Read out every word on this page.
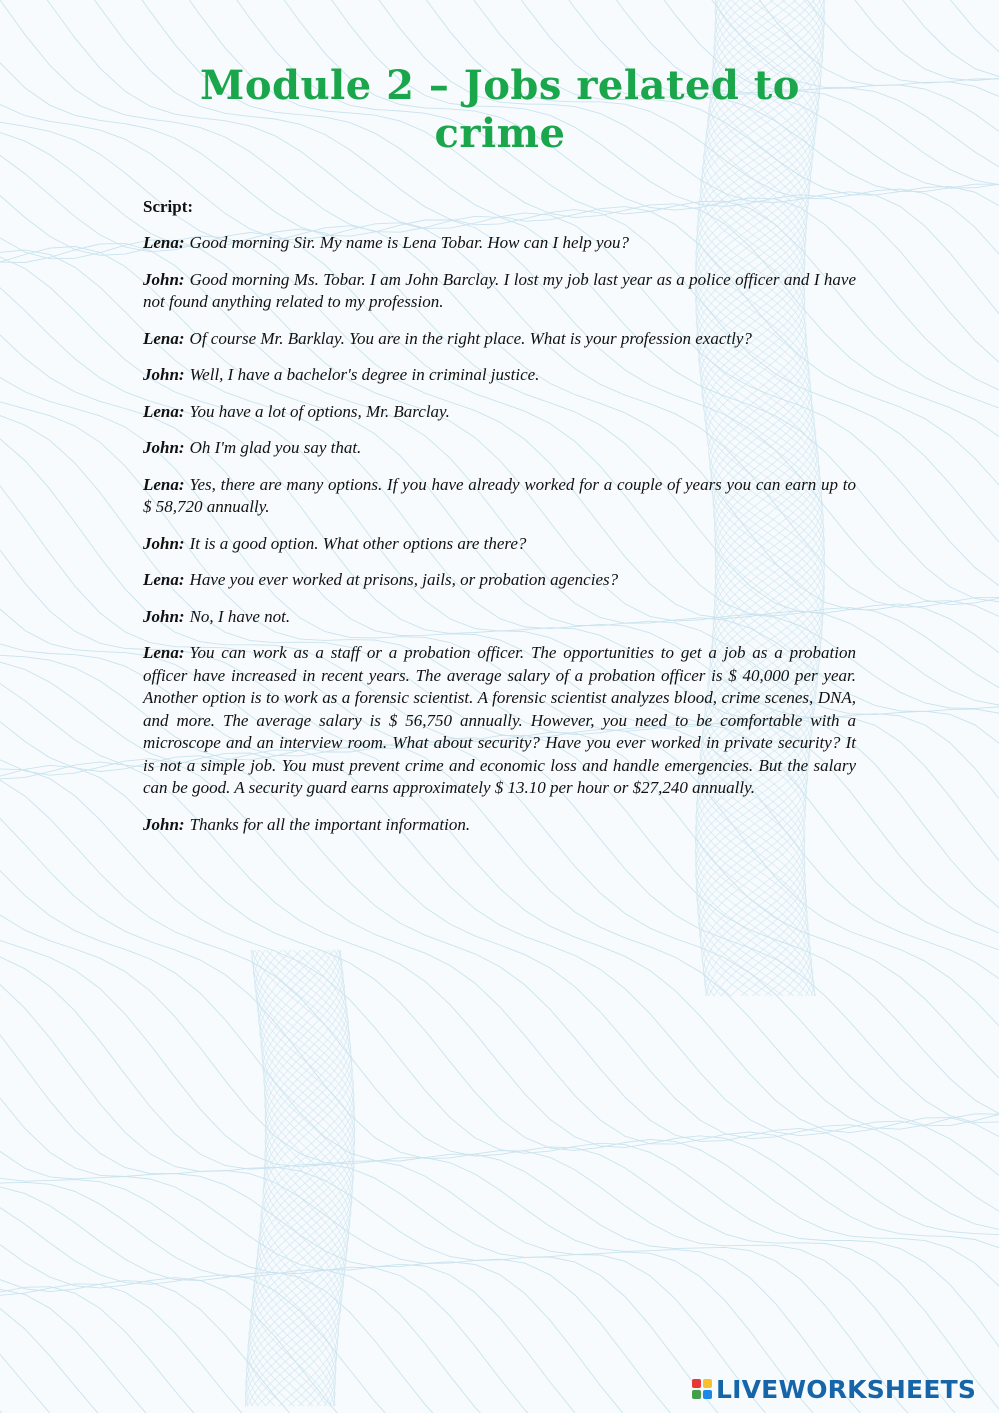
Module 2 – Jobs related to crime

Script:

Lena: Good morning Sir. My name is Lena Tobar. How can I help you?

John: Good morning Ms. Tobar. I am John Barclay. I lost my job last year as a police officer and I have not found anything related to my profession.

Lena: Of course Mr. Barklay. You are in the right place. What is your profession exactly?

John: Well, I have a bachelor's degree in criminal justice.

Lena: You have a lot of options, Mr. Barclay.

John: Oh I'm glad you say that.

Lena: Yes, there are many options. If you have already worked for a couple of years you can earn up to $ 58,720 annually.

John: It is a good option. What other options are there?

Lena: Have you ever worked at prisons, jails, or probation agencies?

John: No, I have not.

Lena: You can work as a staff or a probation officer. The opportunities to get a job as a probation officer have increased in recent years. The average salary of a probation officer is $ 40,000 per year. Another option is to work as a forensic scientist. A forensic scientist analyzes blood, crime scenes, DNA, and more. The average salary is $ 56,750 annually. However, you need to be comfortable with a microscope and an interview room. What about security? Have you ever worked in private security? It is not a simple job. You must prevent crime and economic loss and handle emergencies. But the salary can be good. A security guard earns approximately $ 13.10 per hour or $27,240 annually.

John: Thanks for all the important information.

LIVEWORKSHEETS
